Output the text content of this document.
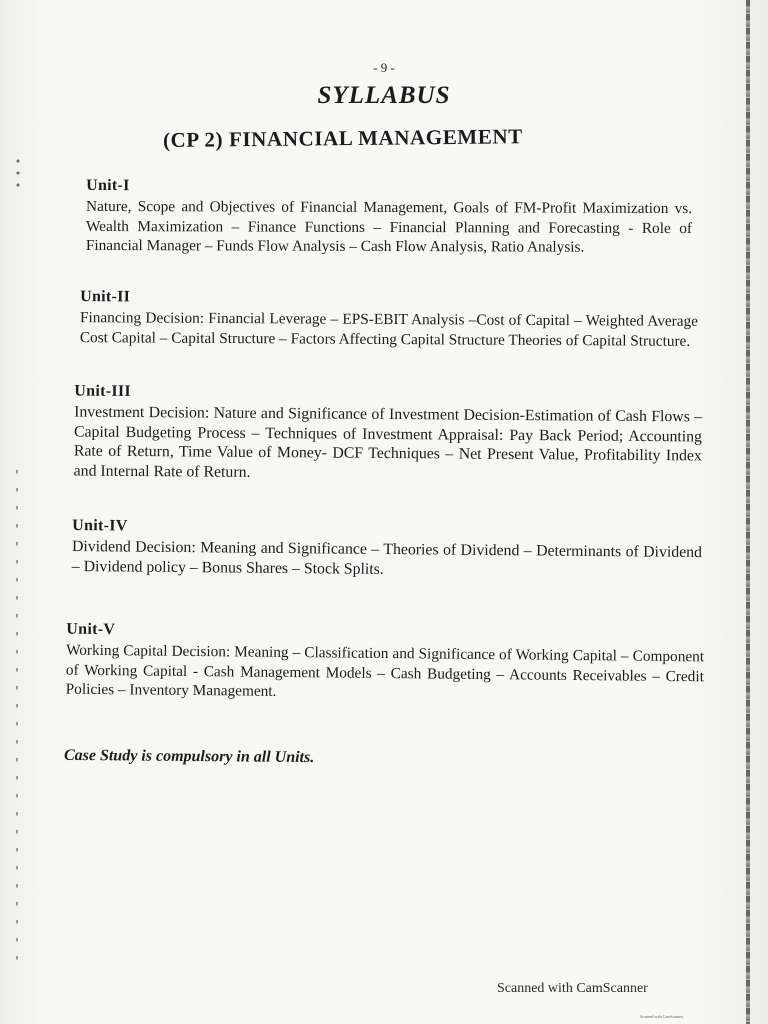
- 9 -
SYLLABUS
(CP 2) FINANCIAL MANAGEMENT

Unit-I

Nature, Scope and Objectives of Financial Management, Goals of FM-Profit Maximization vs. Wealth Maximization – Finance Functions – Financial Planning and Forecasting - Role of Financial Manager – Funds Flow Analysis – Cash Flow Analysis, Ratio Analysis.

Unit-II

Financing Decision: Financial Leverage – EPS-EBIT Analysis –Cost of Capital – Weighted Average Cost Capital – Capital Structure – Factors Affecting Capital Structure Theories of Capital Structure.

Unit-III

Investment Decision: Nature and Significance of Investment Decision-Estimation of Cash Flows – Capital Budgeting Process – Techniques of Investment Appraisal: Pay Back Period; Accounting Rate of Return, Time Value of Money- DCF Techniques – Net Present Value, Profitability Index and Internal Rate of Return.

Unit-IV

Dividend Decision: Meaning and Significance – Theories of Dividend – Determinants of Dividend – Dividend policy – Bonus Shares – Stock Splits.

Unit-V

Working Capital Decision: Meaning – Classification and Significance of Working Capital – Component of Working Capital - Cash Management Models – Cash Budgeting – Accounts Receivables – Credit Policies – Inventory Management.

Case Study is compulsory in all Units.
Scanned with CamScanner
Scanned with CamScanner
